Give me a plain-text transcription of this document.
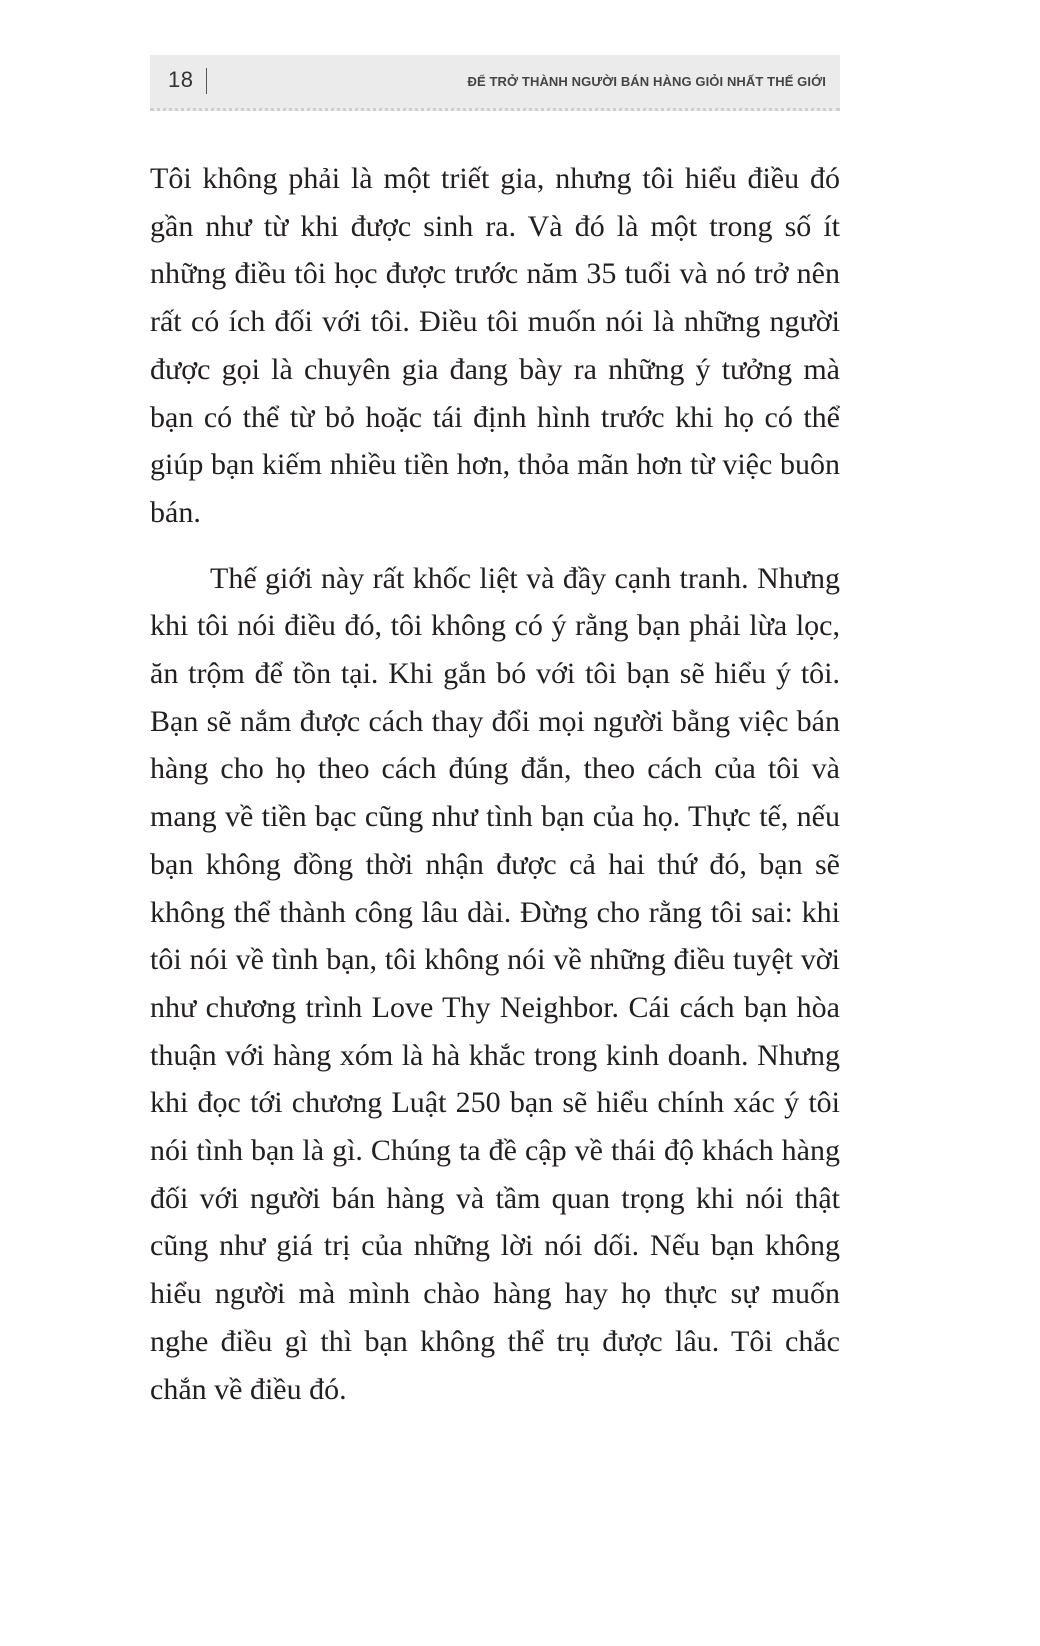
18	ĐỂ TRỞ THÀNH NGƯỜI BÁN HÀNG GIỎI NHẤT THẾ GIỚI

Tôi không phải là một triết gia, nhưng tôi hiểu điều đó gần như từ khi được sinh ra. Và đó là một trong số ít những điều tôi học được trước năm 35 tuổi và nó trở nên rất có ích đối với tôi. Điều tôi muốn nói là những người được gọi là chuyên gia đang bày ra những ý tưởng mà bạn có thể từ bỏ hoặc tái định hình trước khi họ có thể giúp bạn kiếm nhiều tiền hơn, thỏa mãn hơn từ việc buôn bán.

Thế giới này rất khốc liệt và đầy cạnh tranh. Nhưng khi tôi nói điều đó, tôi không có ý rằng bạn phải lừa lọc, ăn trộm để tồn tại. Khi gắn bó với tôi bạn sẽ hiểu ý tôi. Bạn sẽ nắm được cách thay đổi mọi người bằng việc bán hàng cho họ theo cách đúng đắn, theo cách của tôi và mang về tiền bạc cũng như tình bạn của họ. Thực tế, nếu bạn không đồng thời nhận được cả hai thứ đó, bạn sẽ không thể thành công lâu dài. Đừng cho rằng tôi sai: khi tôi nói về tình bạn, tôi không nói về những điều tuyệt vời như chương trình Love Thy Neighbor. Cái cách bạn hòa thuận với hàng xóm là hà khắc trong kinh doanh. Nhưng khi đọc tới chương Luật 250 bạn sẽ hiểu chính xác ý tôi nói tình bạn là gì. Chúng ta đề cập về thái độ khách hàng đối với người bán hàng và tầm quan trọng khi nói thật cũng như giá trị của những lời nói dối. Nếu bạn không hiểu người mà mình chào hàng hay họ thực sự muốn nghe điều gì thì bạn không thể trụ được lâu. Tôi chắc chắn về điều đó.
